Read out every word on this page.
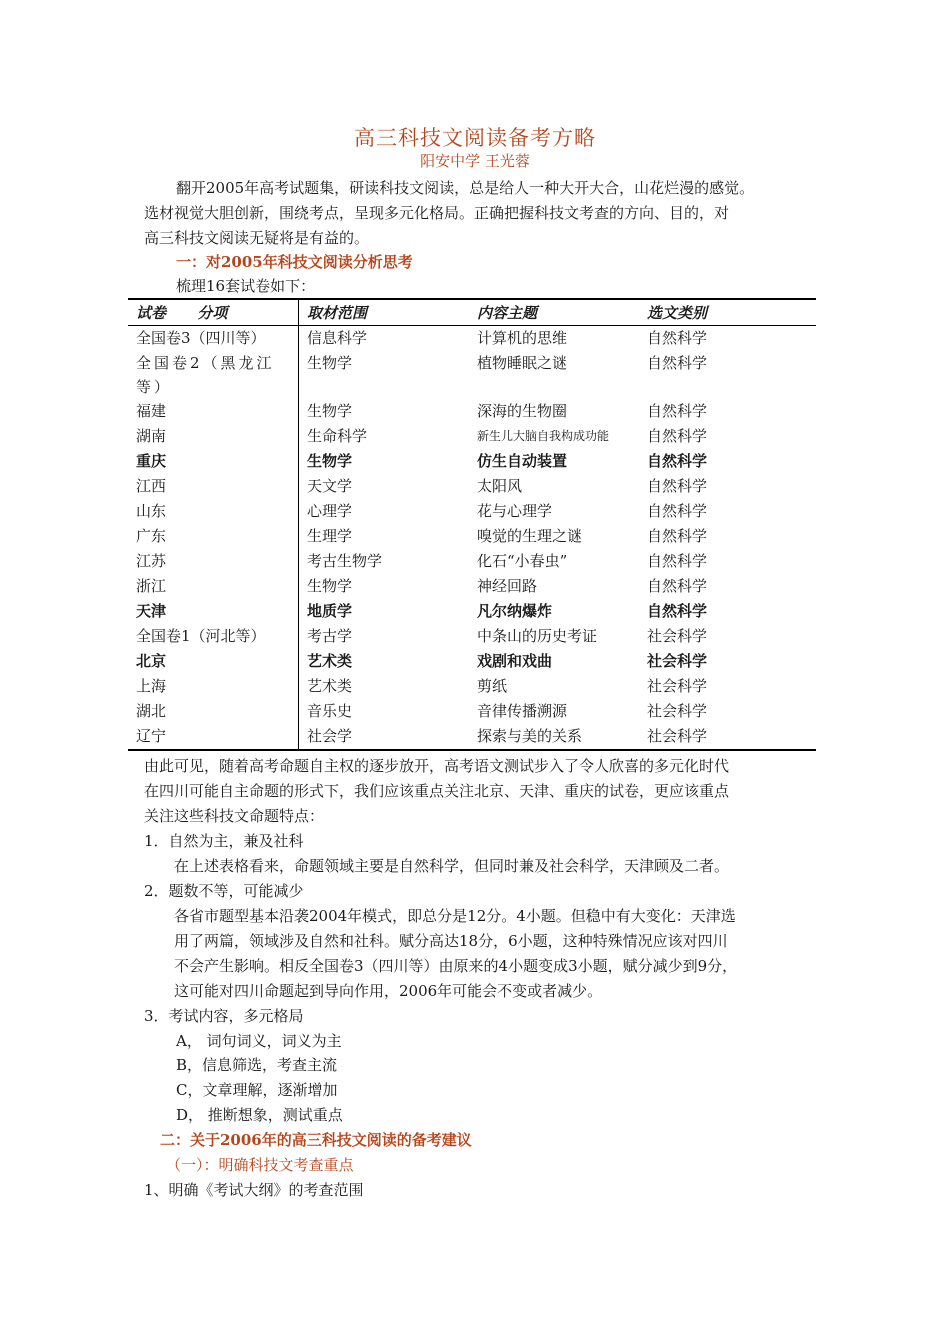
高三科技文阅读备考方略
阳安中学 王光蓉
翻开2005年高考试题集，研读科技文阅读，总是给人一种大开大合，山花烂漫的感觉。
选材视觉大胆创新，围绕考点，呈现多元化格局。正确把握科技文考查的方向、目的，对
高三科技文阅读无疑将是有益的。
一：对2005年科技文阅读分析思考
梳理16套试卷如下：
试卷      分项	取材范围	内容主题	选文类别
全国卷3（四川等）	信息科学	计算机的思维	自然科学
全国卷2（黑龙江等）	生物学	植物睡眠之谜	自然科学
福建	生物学	深海的生物圈	自然科学
湖南	生命科学	新生儿大脑自我构成功能	自然科学
重庆	生物学	仿生自动装置	自然科学
江西	天文学	太阳风	自然科学
山东	心理学	花与心理学	自然科学
广东	生理学	嗅觉的生理之谜	自然科学
江苏	考古生物学	化石“小春虫”	自然科学
浙江	生物学	神经回路	自然科学
天津	地质学	凡尔纳爆炸	自然科学
全国卷1（河北等）	考古学	中条山的历史考证	社会科学
北京	艺术类	戏剧和戏曲	社会科学
上海	艺术类	剪纸	社会科学
湖北	音乐史	音律传播溯源	社会科学
辽宁	社会学	探索与美的关系	社会科学
由此可见，随着高考命题自主权的逐步放开，高考语文测试步入了令人欣喜的多元化时代
在四川可能自主命题的形式下，我们应该重点关注北京、天津、重庆的试卷，更应该重点
关注这些科技文命题特点：
1．自然为主，兼及社科
在上述表格看来，命题领域主要是自然科学，但同时兼及社会科学，天津顾及二者。
2．题数不等，可能减少
各省市题型基本沿袭2004年模式，即总分是12分。4小题。但稳中有大变化：天津选
用了两篇，领域涉及自然和社科。赋分高达18分，6小题，这种特殊情况应该对四川
不会产生影响。相反全国卷3（四川等）由原来的4小题变成3小题，赋分减少到9分，
这可能对四川命题起到导向作用，2006年可能会不变或者减少。
3．考试内容，多元格局
A， 词句词义，词义为主
B，信息筛选，考查主流
C，文章理解，逐渐增加
D， 推断想象，测试重点
二：关于2006年的高三科技文阅读的备考建议
（一）：明确科技文考查重点
1、明确《考试大纲》的考查范围
